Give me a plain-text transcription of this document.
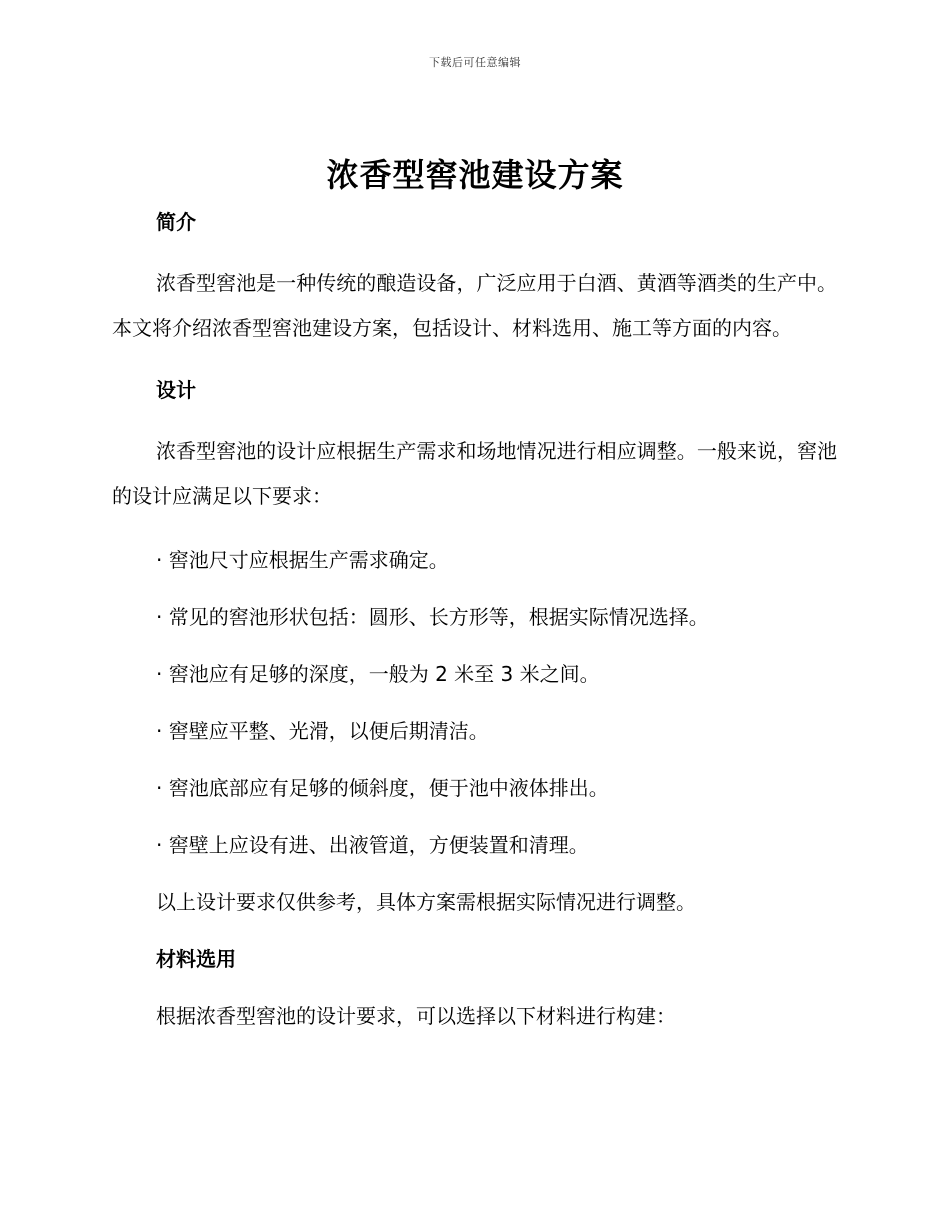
下载后可任意编辑
浓香型窖池建设方案

简介

浓香型窖池是一种传统的酿造设备，广泛应用于白酒、黄酒等酒类的生产中。本文将介绍浓香型窖池建设方案，包括设计、材料选用、施工等方面的内容。

设计

浓香型窖池的设计应根据生产需求和场地情况进行相应调整。一般来说，窖池的设计应满足以下要求：

· 窖池尺寸应根据生产需求确定。

· 常见的窖池形状包括：圆形、长方形等，根据实际情况选择。

· 窖池应有足够的深度，一般为 2 米至 3 米之间。

· 窖壁应平整、光滑，以便后期清洁。

· 窖池底部应有足够的倾斜度，便于池中液体排出。

· 窖壁上应设有进、出液管道，方便装置和清理。

以上设计要求仅供参考，具体方案需根据实际情况进行调整。

材料选用

根据浓香型窖池的设计要求，可以选择以下材料进行构建：
